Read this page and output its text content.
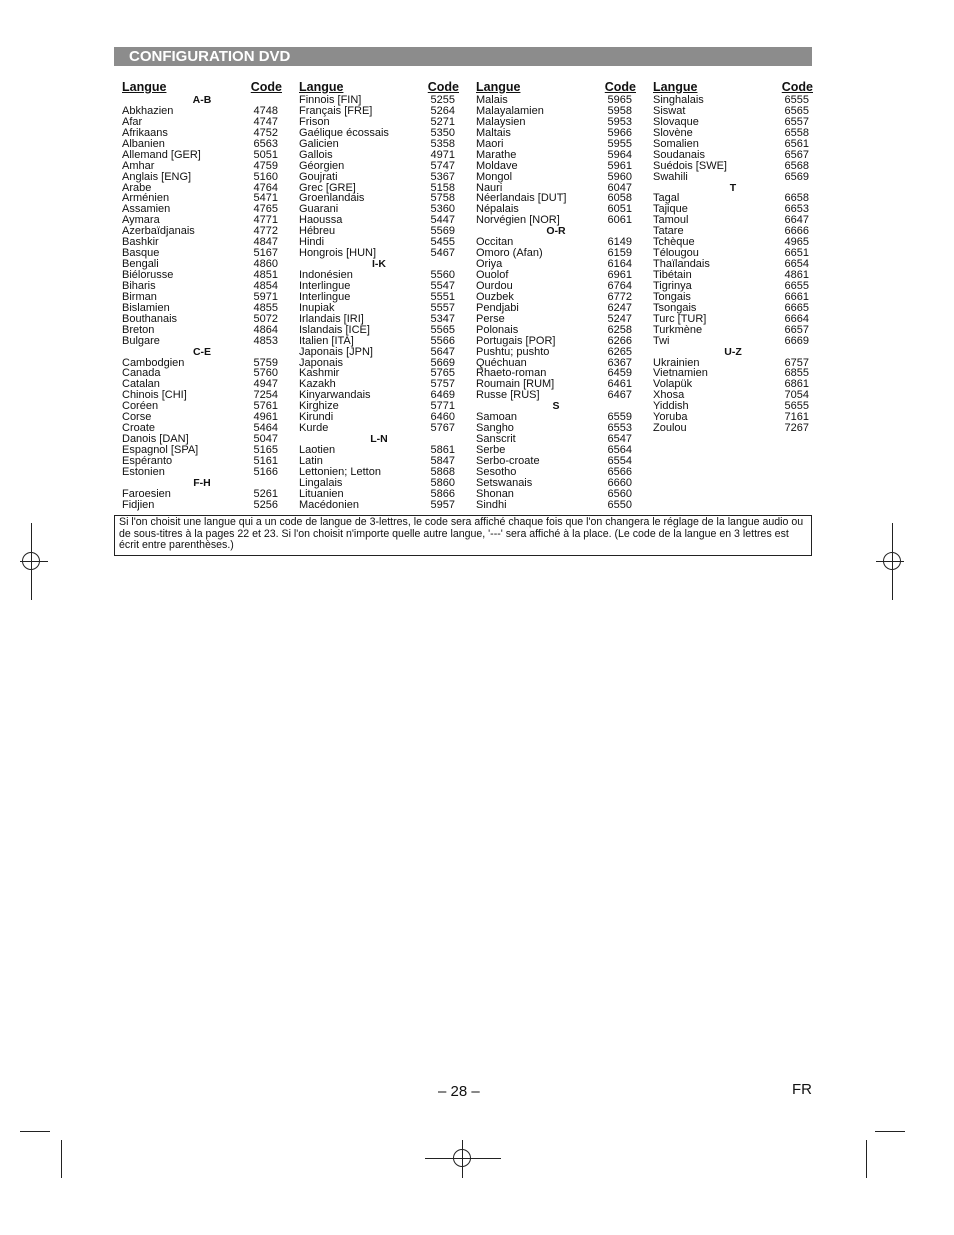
CONFIGURATION DVD
Langue	Code
A-B
Abkhazien	4748
Afar	4747
Afrikaans	4752
Albanien	6563
Allemand [GER]	5051
Amhar	4759
Anglais [ENG]	5160
Arabe	4764
Arménien	5471
Assamien	4765
Aymara	4771
Azerbaïdjanais	4772
Bashkir	4847
Basque	5167
Bengali	4860
Biélorusse	4851
Biharis	4854
Birman	5971
Bislamien	4855
Bouthanais	5072
Breton	4864
Bulgare	4853
C-E
Cambodgien	5759
Canada	5760
Catalan	4947
Chinois [CHI]	7254
Coréen	5761
Corse	4961
Croate	5464
Danois [DAN]	5047
Espagnol [SPA]	5165
Espéranto	5161
Estonien	5166
F-H
Faroesien	5261
Fidjien	5256
Langue	Code
Finnois [FIN]	5255
Français [FRE]	5264
Frison	5271
Gaélique écossais	5350
Galicien	5358
Gallois	4971
Géorgien	5747
Goujrati	5367
Grec [GRE]	5158
Groenlandais	5758
Guarani	5360
Haoussa	5447
Hébreu	5569
Hindi	5455
Hongrois [HUN]	5467
I-K
Indonésien	5560
Interlingue	5547
Interlingue	5551
Inupiak	5557
Irlandais [IRI]	5347
Islandais [ICE]	5565
Italien [ITA]	5566
Japonais [JPN]	5647
Japonais	5669
Kashmir	5765
Kazakh	5757
Kinyarwandais	6469
Kirghize	5771
Kirundi	6460
Kurde	5767
L-N
Laotien	5861
Latin	5847
Lettonien; Letton	5868
Lingalais	5860
Lituanien	5866
Macédonien	5957
Langue	Code
Malais	5965
Malayalamien	5958
Malaysien	5953
Maltais	5966
Maori	5955
Marathe	5964
Moldave	5961
Mongol	5960
Nauri	6047
Néerlandais [DUT]	6058
Népalais	6051
Norvégien [NOR]	6061
O-R
Occitan	6149
Omoro (Afan)	6159
Oriya	6164
Ouolof	6961
Ourdou	6764
Ouzbek	6772
Pendjabi	6247
Perse	5247
Polonais	6258
Portugais [POR]	6266
Pushtu; pushto	6265
Quéchuan	6367
Rhaeto-roman	6459
Roumain [RUM]	6461
Russe [RUS]	6467
S
Samoan	6559
Sangho	6553
Sanscrit	6547
Serbe	6564
Serbo-croate	6554
Sesotho	6566
Setswanais	6660
Shonan	6560
Sindhi	6550
Langue	Code
Singhalais	6555
Siswat	6565
Slovaque	6557
Slovène	6558
Somalien	6561
Soudanais	6567
Suédois [SWE]	6568
Swahili	6569
T
Tagal	6658
Tajique	6653
Tamoul	6647
Tatare	6666
Tchèque	4965
Télougou	6651
Thaïlandais	6654
Tibétain	4861
Tigrinya	6655
Tongais	6661
Tsongais	6665
Turc [TUR]	6664
Turkmène	6657
Twi	6669
U-Z
Ukrainien	6757
Vietnamien	6855
Volapük	6861
Xhosa	7054
Yiddish	5655
Yoruba	7161
Zoulou	7267
Si l'on choisit une langue qui a un code de langue de 3-lettres, le code sera affiché chaque fois que l'on changera le réglage de la langue audio ou de sous-titres à la pages 22 et 23. Si l'on choisit n'importe quelle autre langue, '---' sera affiché à la place. (Le code de la langue en 3 lettres est écrit entre parenthèses.)
– 28 –	FR
